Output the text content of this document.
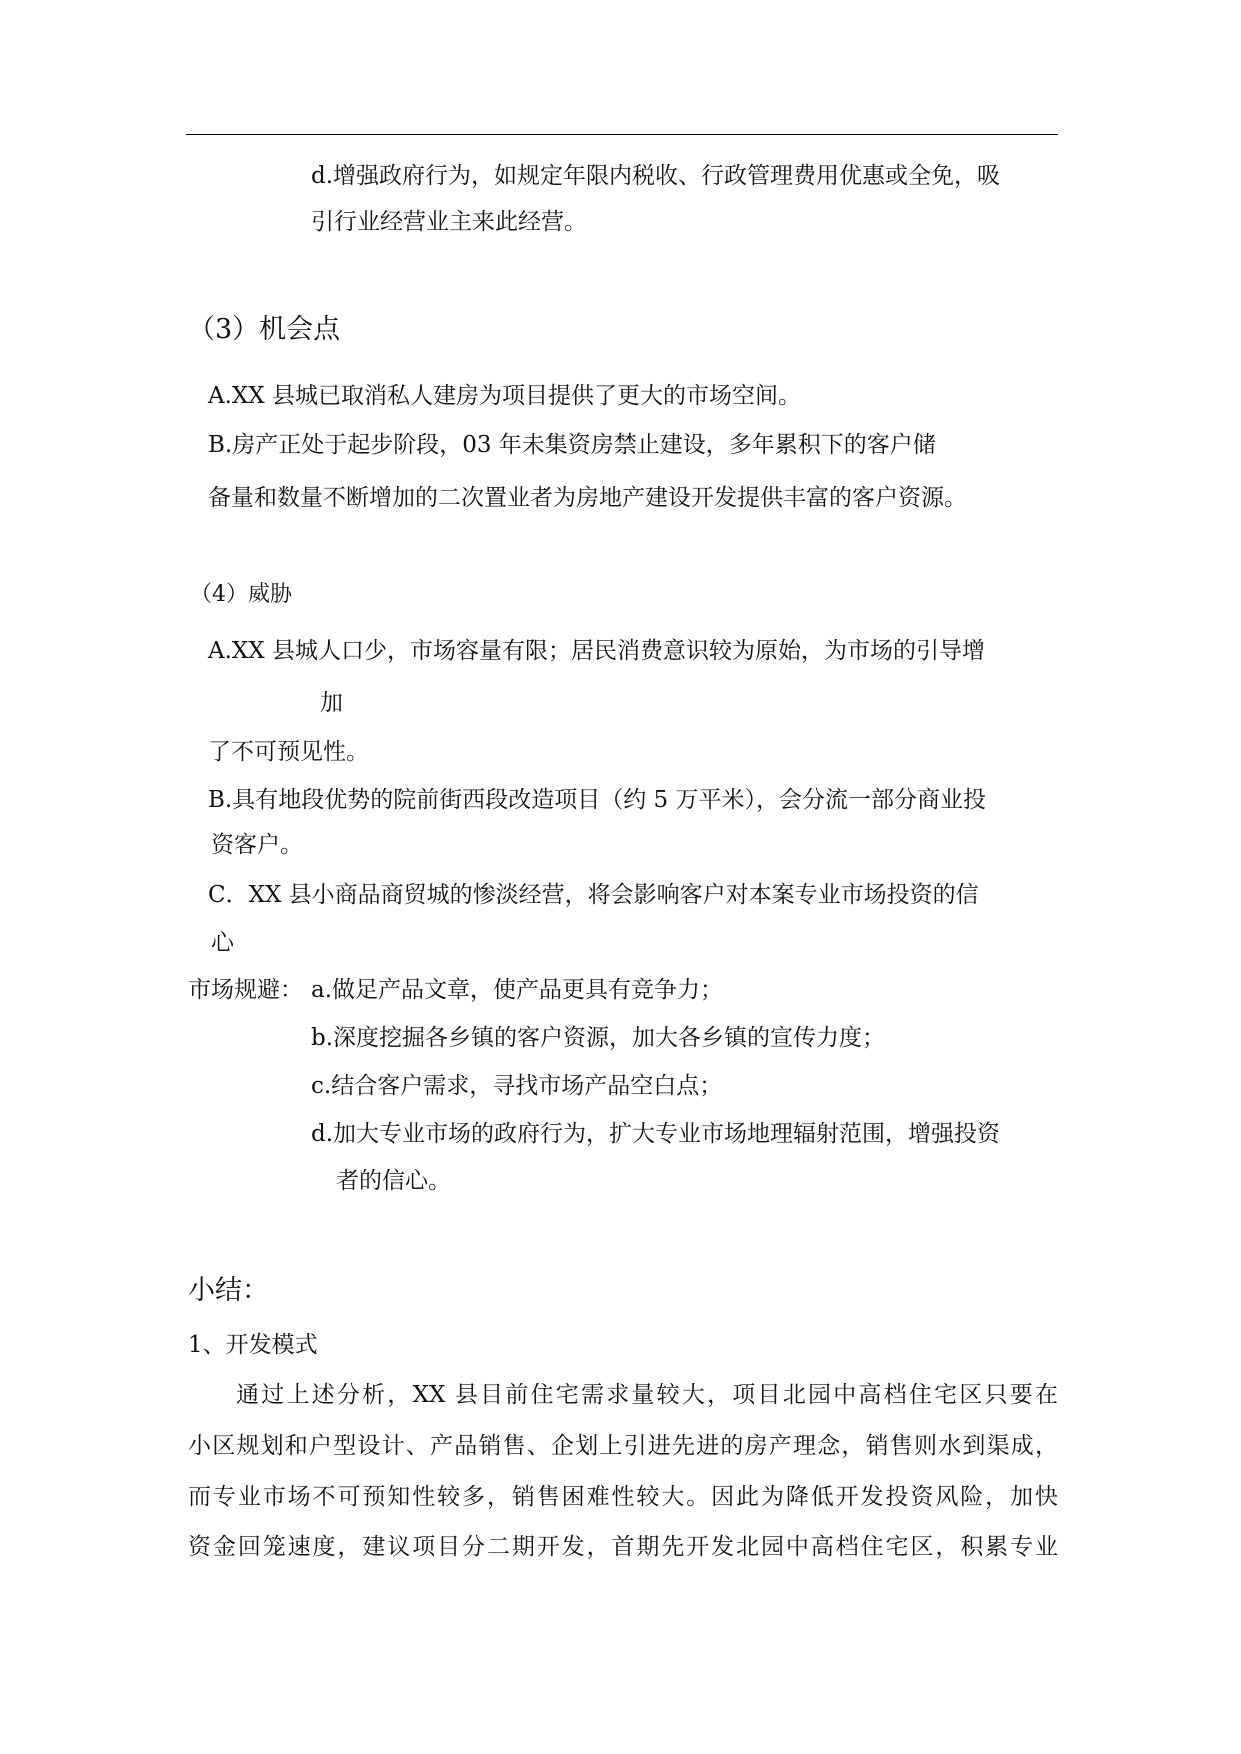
d.增强政府行为，如规定年限内税收、行政管理费用优惠或全免，吸
引行业经营业主来此经营。
（3）机会点
A.XX 县城已取消私人建房为项目提供了更大的市场空间。
B.房产正处于起步阶段，03 年未集资房禁止建设，多年累积下的客户储
备量和数量不断增加的二次置业者为房地产建设开发提供丰富的客户资源。
（4）威胁
A.XX 县城人口少，市场容量有限；居民消费意识较为原始，为市场的引导增
加
了不可预见性。
B.具有地段优势的院前街西段改造项目（约 5 万平米），会分流一部分商业投
资客户。
C．XX 县小商品商贸城的惨淡经营，将会影响客户对本案专业市场投资的信
心
市场规避： a.做足产品文章，使产品更具有竞争力；
b.深度挖掘各乡镇的客户资源，加大各乡镇的宣传力度；
c.结合客户需求，寻找市场产品空白点；
d.加大专业市场的政府行为，扩大专业市场地理辐射范围，增强投资
者的信心。
小结：
1、开发模式
通过上述分析，XX 县目前住宅需求量较大，项目北园中高档住宅区只要在
小区规划和户型设计、产品销售、企划上引进先进的房产理念，销售则水到渠成，
而专业市场不可预知性较多，销售困难性较大。因此为降低开发投资风险，加快
资金回笼速度，建议项目分二期开发，首期先开发北园中高档住宅区，积累专业
